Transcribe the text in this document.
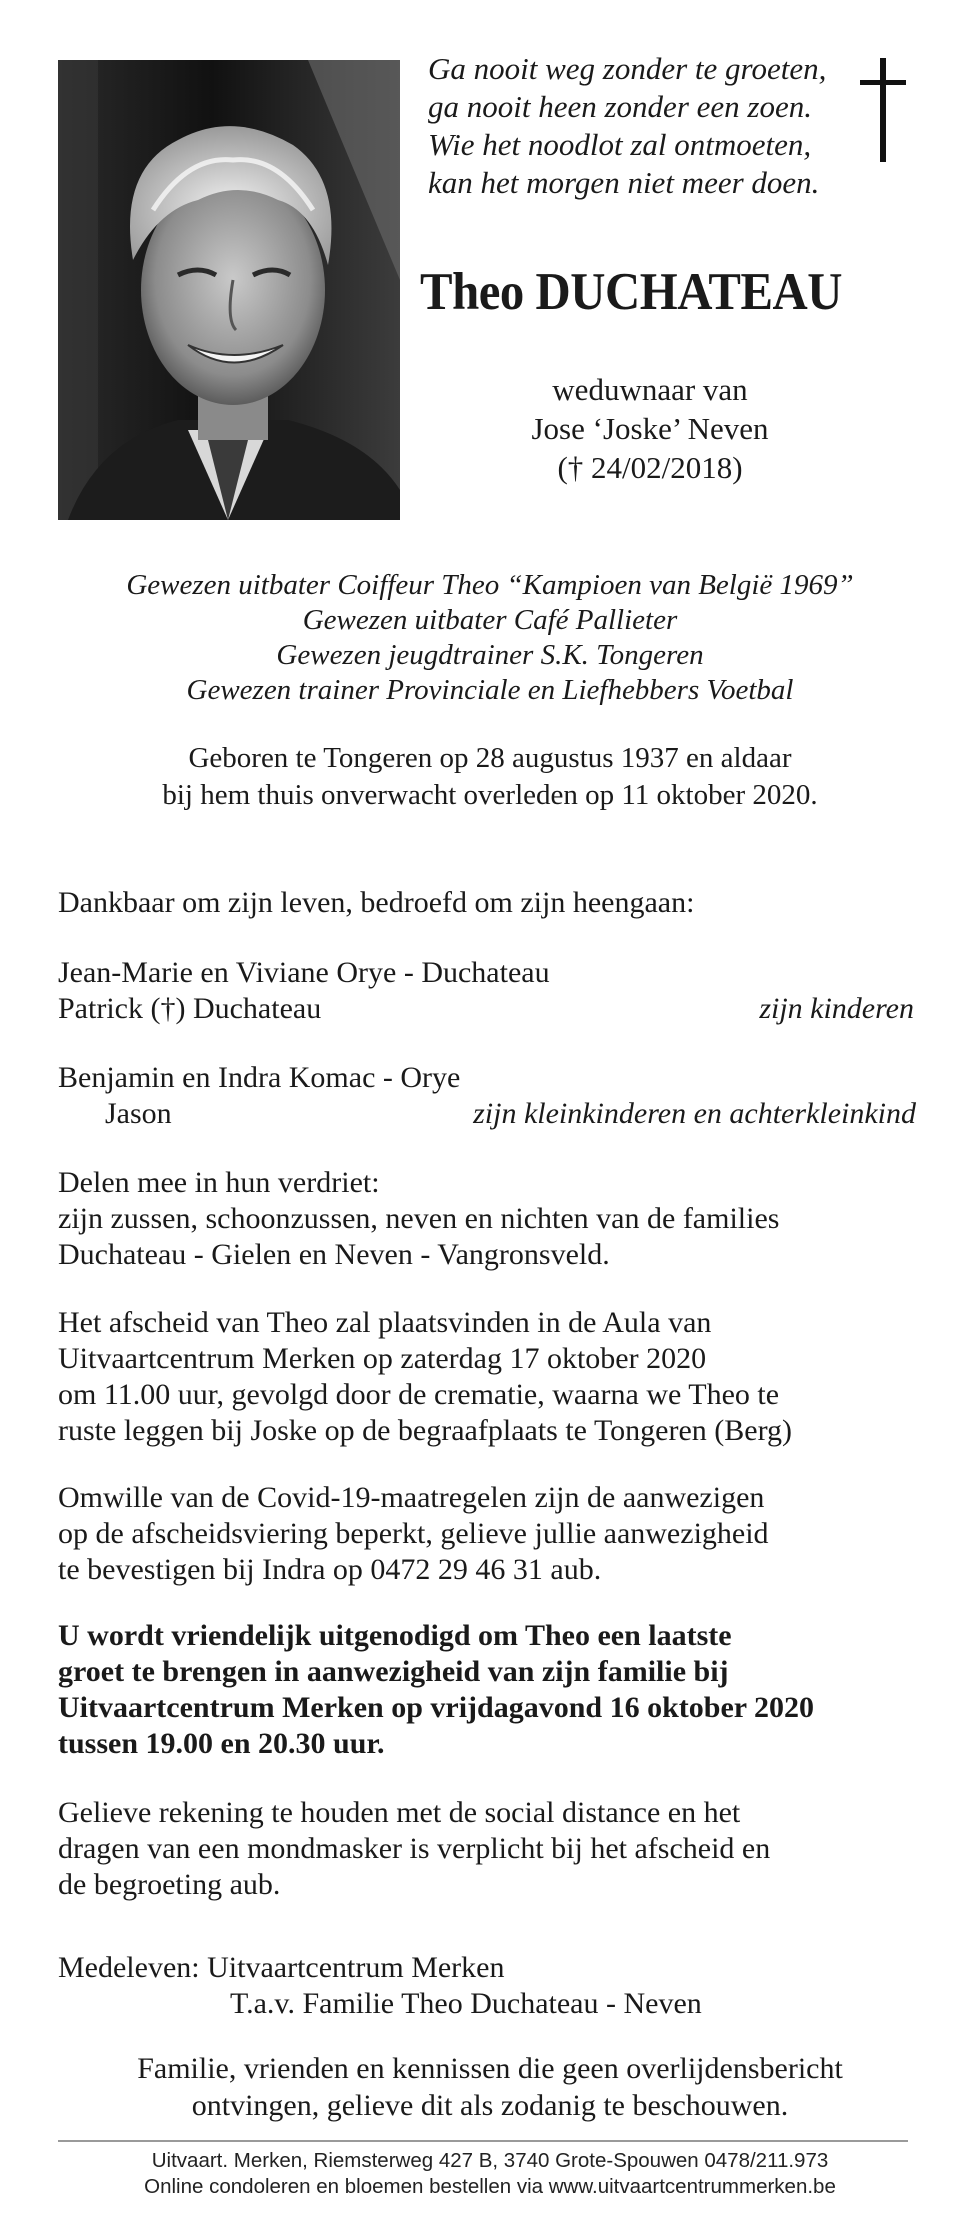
Ga nooit weg zonder te groeten,
ga nooit heen zonder een zoen.
Wie het noodlot zal ontmoeten,
kan het morgen niet meer doen.
Theo DUCHATEAU
weduwnaar van
Jose ‘Joske’ Neven
(† 24/02/2018)
Gewezen uitbater Coiffeur Theo “Kampioen van België 1969”
Gewezen uitbater Café Pallieter
Gewezen jeugdtrainer S.K. Tongeren
Gewezen trainer Provinciale en Liefhebbers Voetbal
Geboren te Tongeren op 28 augustus 1937 en aldaar
bij hem thuis onverwacht overleden op 11 oktober 2020.
Dankbaar om zijn leven, bedroefd om zijn heengaan:
Jean-Marie en Viviane Orye - Duchateau
Patrick (†) Duchateau	zijn kinderen
Benjamin en Indra Komac - Orye
Jason	zijn kleinkinderen en achterkleinkind
Delen mee in hun verdriet:
zijn zussen, schoonzussen, neven en nichten van de families
Duchateau - Gielen en Neven - Vangronsveld.
Het afscheid van Theo zal plaatsvinden in de Aula van
Uitvaartcentrum Merken op zaterdag 17 oktober 2020
om 11.00 uur, gevolgd door de crematie, waarna we Theo te
ruste leggen bij Joske op de begraafplaats te Tongeren (Berg)
Omwille van de Covid-19-maatregelen zijn de aanwezigen
op de afscheidsviering beperkt, gelieve jullie aanwezigheid
te bevestigen bij Indra op 0472 29 46 31 aub.
U wordt vriendelijk uitgenodigd om Theo een laatste
groet te brengen in aanwezigheid van zijn familie bij
Uitvaartcentrum Merken op vrijdagavond 16 oktober 2020
tussen 19.00 en 20.30 uur.
Gelieve rekening te houden met de social distance en het
dragen van een mondmasker is verplicht bij het afscheid en
de begroeting aub.
Medeleven: Uitvaartcentrum Merken
T.a.v. Familie Theo Duchateau - Neven
Familie, vrienden en kennissen die geen overlijdensbericht
ontvingen, gelieve dit als zodanig te beschouwen.
Uitvaart. Merken, Riemsterweg 427 B, 3740 Grote-Spouwen 0478/211.973
Online condoleren en bloemen bestellen via www.uitvaartcentrummerken.be
